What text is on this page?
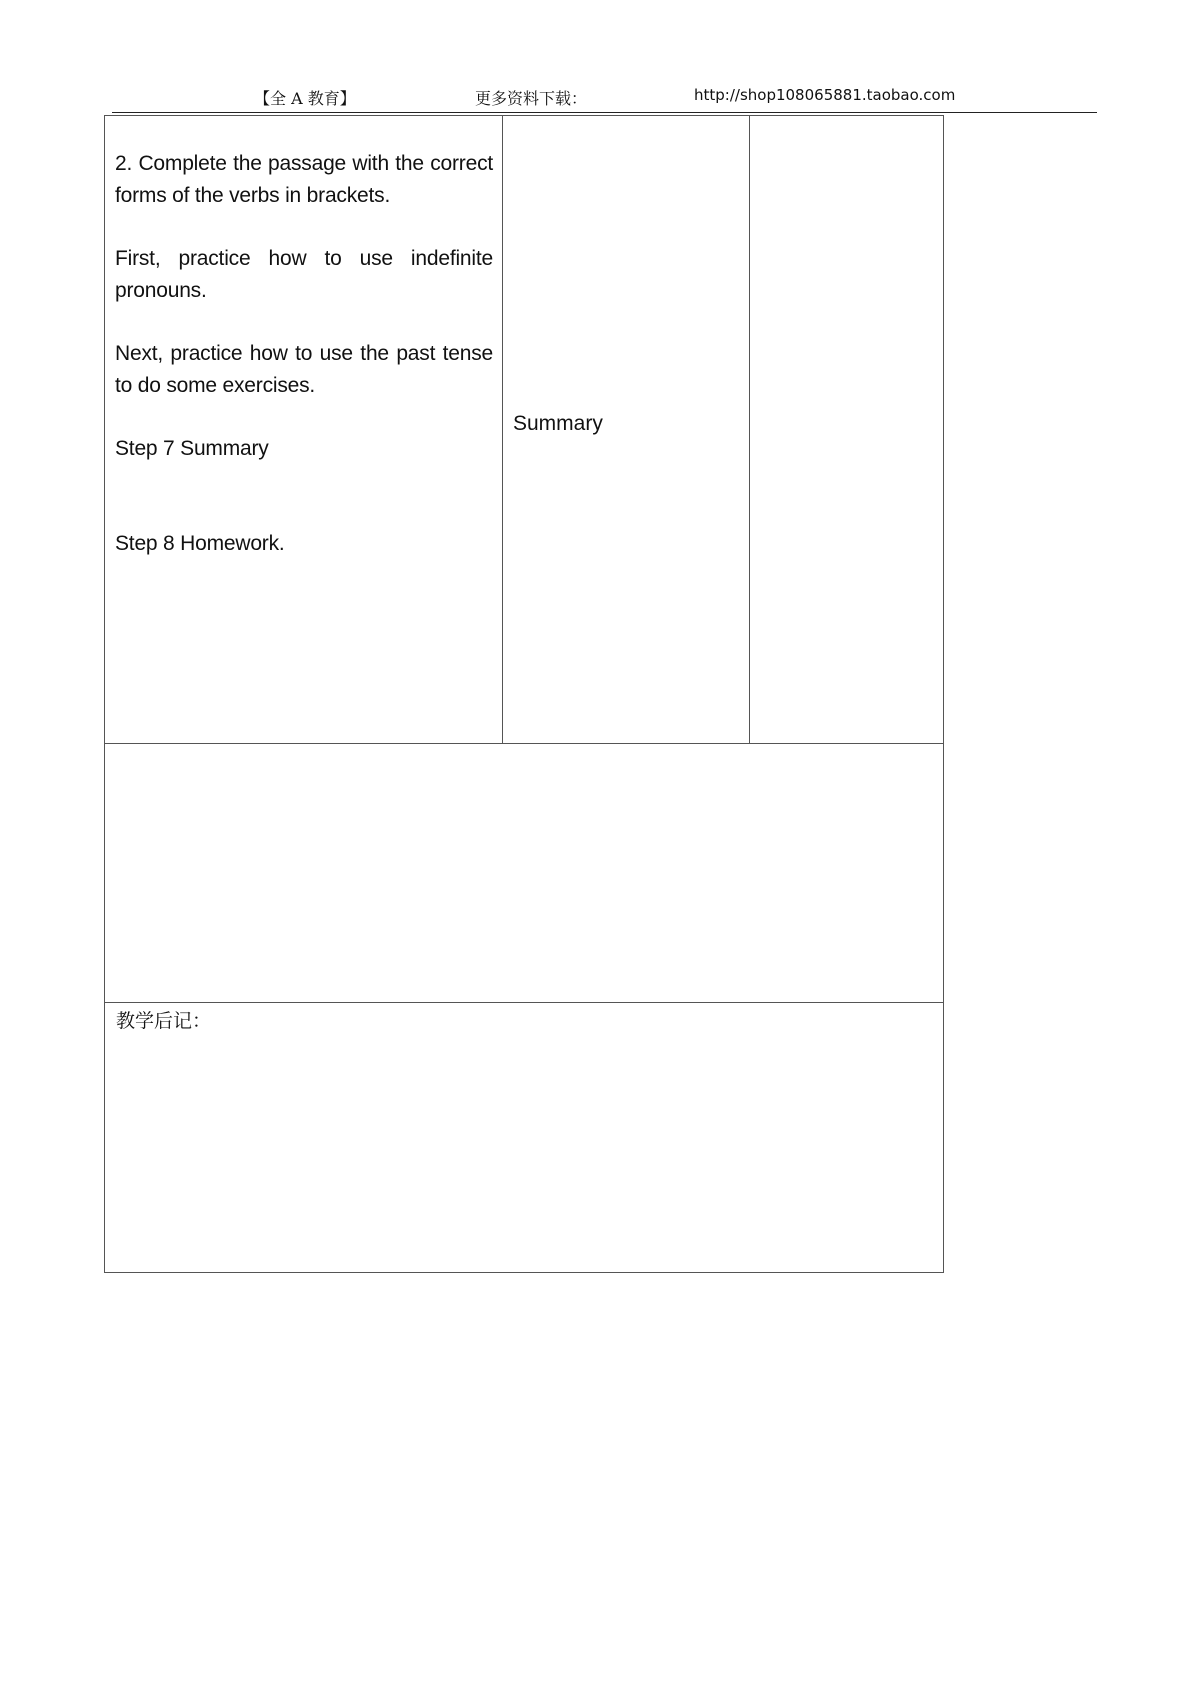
【全 A 教育】	更多资料下载：	http://shop108065881.taobao.com

2. Complete the passage with the correct forms of the verbs in brackets.

First, practice how to use indefinite pronouns.

Next, practice how to use the past tense to do some exercises.

Step 7 Summary

Step 8 Homework.

Summary
教学后记：
